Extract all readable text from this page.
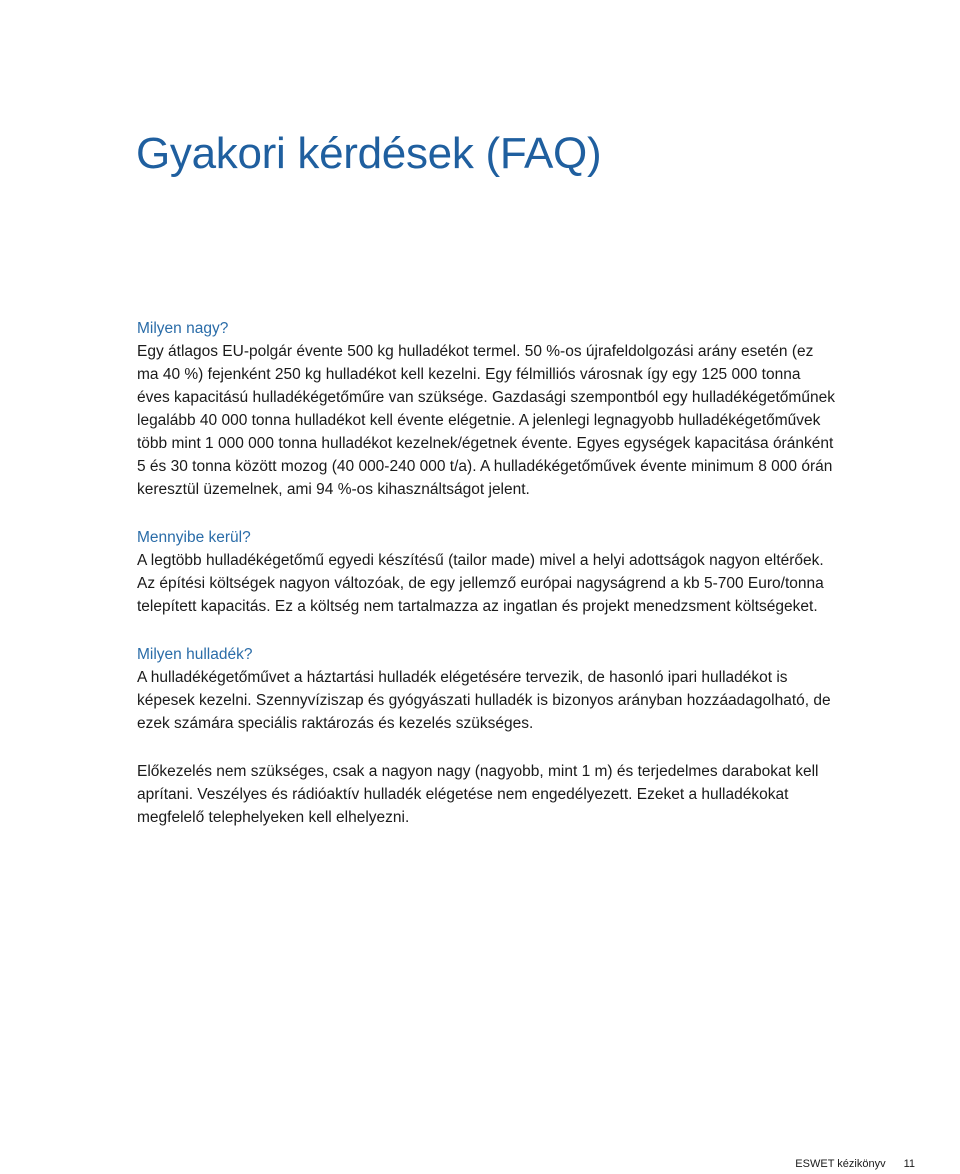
Gyakori kérdések (FAQ)

Milyen nagy?

Egy átlagos EU-polgár évente 500 kg hulladékot termel. 50 %-os újrafeldolgozási arány esetén (ez ma 40 %) fejenként 250 kg hulladékot kell kezelni. Egy félmilliós városnak így egy 125 000 tonna éves kapacitású hulladékégetőműre van szüksége. Gazdasági szempontból egy hulladékégetőműnek legalább 40 000 tonna hulladékot kell évente elégetnie. A jelenlegi legnagyobb hulladékégetőművek több mint 1 000 000 tonna hulladékot kezelnek/égetnek évente. Egyes egységek kapacitása óránként 5 és 30 tonna között mozog (40 000-240 000 t/a). A hulladékégetőművek évente minimum 8 000 órán keresztül üzemelnek, ami 94 %-os kihasználtságot jelent.

Mennyibe kerül?

A legtöbb hulladékégetőmű egyedi készítésű (tailor made) mivel a helyi adottságok nagyon eltérőek. Az építési költségek nagyon változóak, de egy jellemző európai nagyságrend a kb 5-700 Euro/tonna telepített kapacitás. Ez a költség nem tartalmazza az ingatlan és projekt menedzsment költségeket.

Milyen hulladék?

A hulladékégetőművet a háztartási hulladék elégetésére tervezik, de hasonló ipari hulladékot is képesek kezelni. Szennyvíziszap és gyógyászati hulladék is bizonyos arányban hozzáadagolható, de ezek számára speciális raktározás és kezelés szükséges.

Előkezelés nem szükséges, csak a nagyon nagy (nagyobb, mint 1 m) és terjedelmes darabokat kell aprítani. Veszélyes és rádióaktív hulladék elégetése nem engedélyezett. Ezeket a hulladékokat megfelelő telephelyeken kell elhelyezni.

ESWET kézikönyv 11
